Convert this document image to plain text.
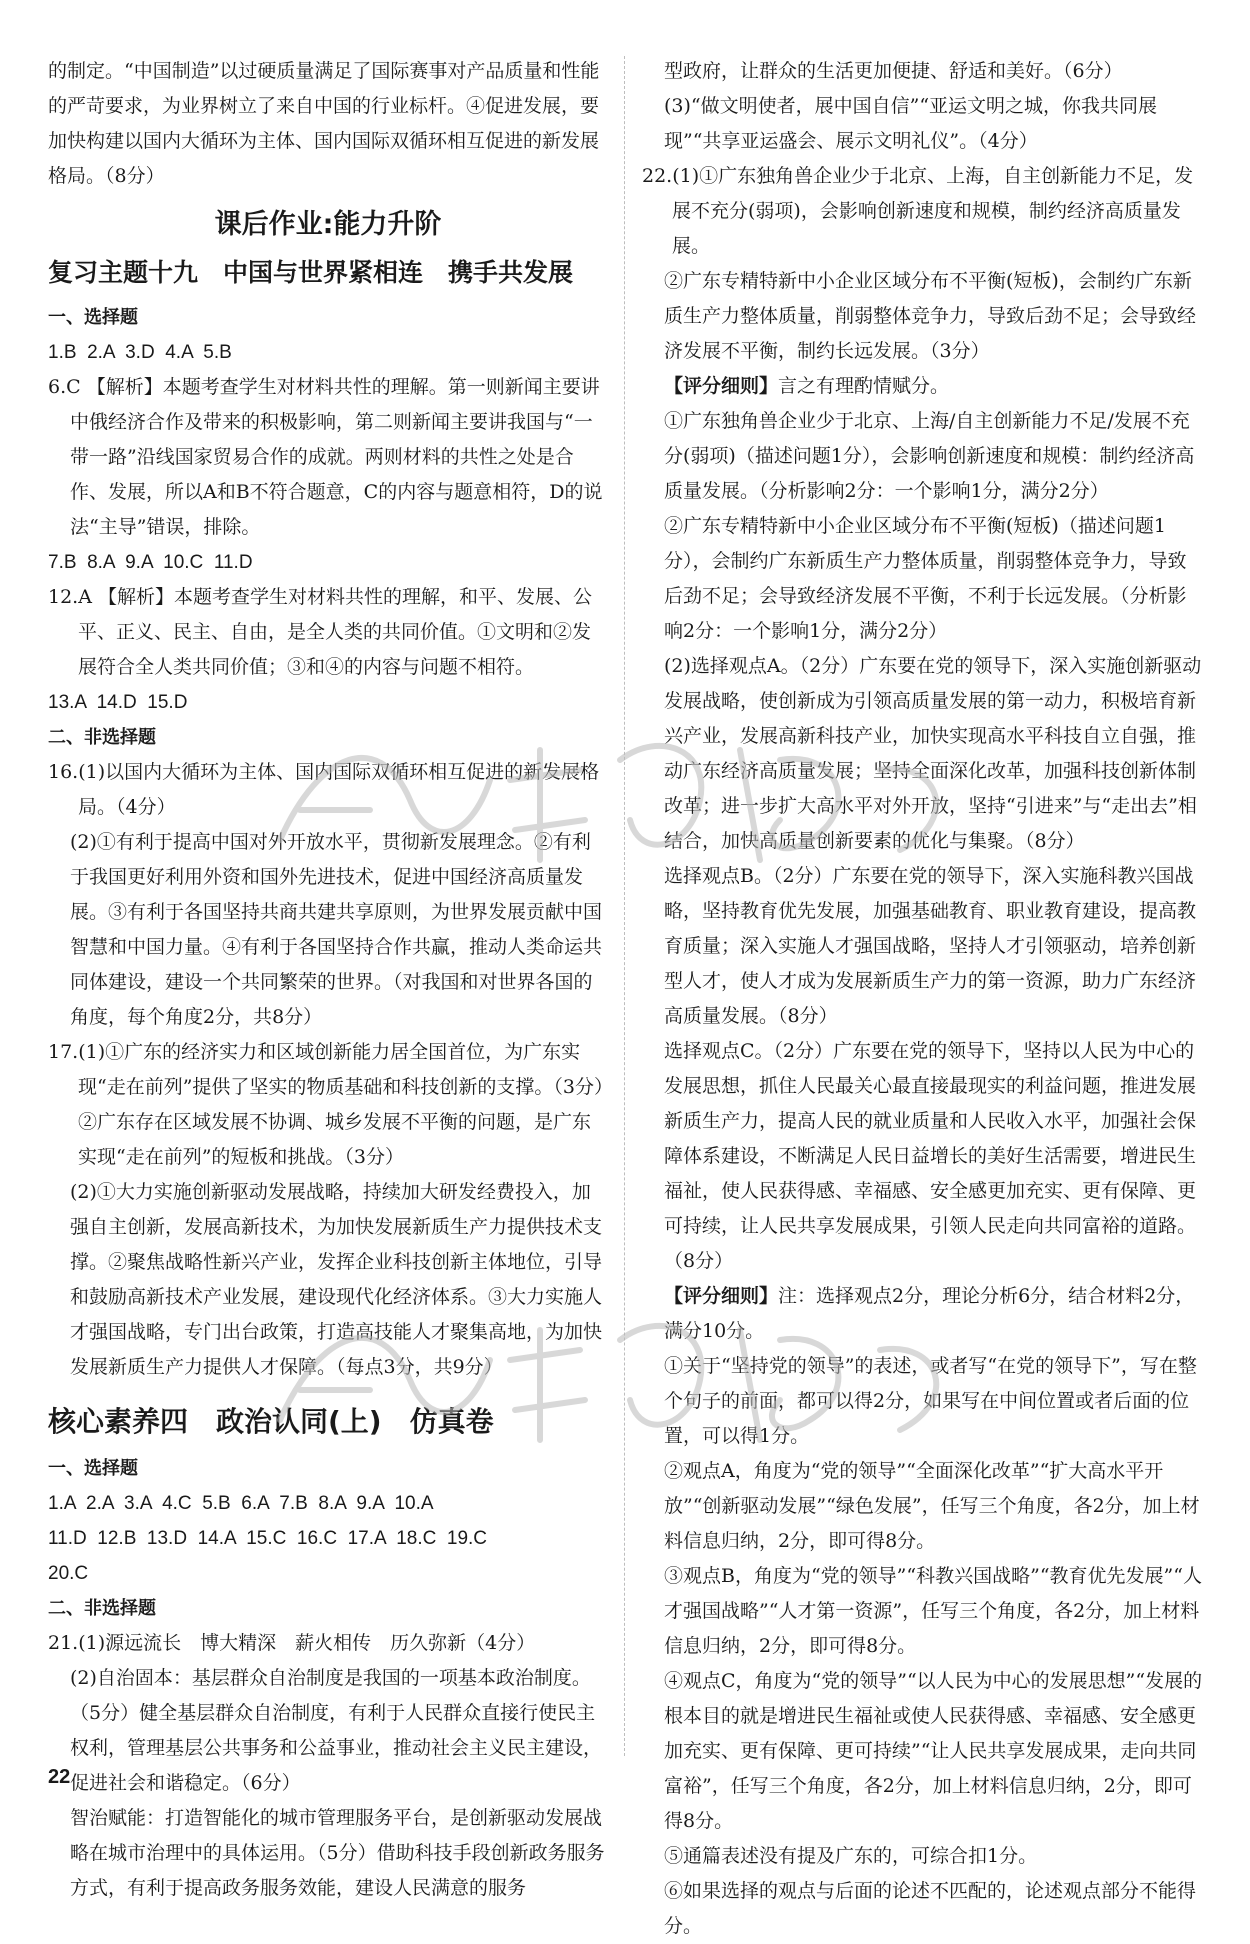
的制定。“中国制造”以过硬质量满足了国际赛事对产品质量和性能的严苛要求，为业界树立了来自中国的行业标杆。④促进发展，要加快构建以国内大循环为主体、国内国际双循环相互促进的新发展格局。（8分）

课后作业:能力升阶
复习主题十九　中国与世界紧相连　携手共发展
一、选择题
1.B  2.A  3.D  4.A  5.B

6.C 【解析】本题考查学生对材料共性的理解。第一则新闻主要讲中俄经济合作及带来的积极影响，第二则新闻主要讲我国与“一带一路”沿线国家贸易合作的成就。两则材料的共性之处是合作、发展，所以A和B不符合题意，C的内容与题意相符，D的说法“主导”错误，排除。

7.B  8.A  9.A  10.C  11.D

12.A 【解析】本题考查学生对材料共性的理解，和平、发展、公平、正义、民主、自由，是全人类的共同价值。①文明和②发展符合全人类共同价值；③和④的内容与问题不相符。

13.A  14.D  15.D
二、非选择题

16.(1)以国内大循环为主体、国内国际双循环相互促进的新发展格局。（4分）

(2)①有利于提高中国对外开放水平，贯彻新发展理念。②有利于我国更好利用外资和国外先进技术，促进中国经济高质量发展。③有利于各国坚持共商共建共享原则，为世界发展贡献中国智慧和中国力量。④有利于各国坚持合作共赢，推动人类命运共同体建设，建设一个共同繁荣的世界。（对我国和对世界各国的角度，每个角度2分，共8分）

17.(1)①广东的经济实力和区域创新能力居全国首位，为广东实现“走在前列”提供了坚实的物质基础和科技创新的支撑。（3分）②广东存在区域发展不协调、城乡发展不平衡的问题，是广东实现“走在前列”的短板和挑战。（3分）

(2)①大力实施创新驱动发展战略，持续加大研发经费投入，加强自主创新，发展高新技术，为加快发展新质生产力提供技术支撑。②聚焦战略性新兴产业，发挥企业科技创新主体地位，引导和鼓励高新技术产业发展，建设现代化经济体系。③大力实施人才强国战略，专门出台政策，打造高技能人才聚集高地，为加快发展新质生产力提供人才保障。（每点3分，共9分）

核心素养四　政治认同(上)　仿真卷
一、选择题
1.A  2.A  3.A  4.C  5.B  6.A  7.B  8.A  9.A  10.A
11.D  12.B  13.D  14.A  15.C  16.C  17.A  18.C  19.C
20.C
二、非选择题

21.(1)源远流长　博大精深　薪火相传　历久弥新（4分）

(2)自治固本：基层群众自治制度是我国的一项基本政治制度。（5分）健全基层群众自治制度，有利于人民群众直接行使民主权利，管理基层公共事务和公益事业，推动社会主义民主建设，促进社会和谐稳定。（6分）

智治赋能：打造智能化的城市管理服务平台，是创新驱动发展战略在城市治理中的具体运用。（5分）借助科技手段创新政务服务方式，有利于提高政务服务效能，建设人民满意的服务

型政府，让群众的生活更加便捷、舒适和美好。（6分）

(3)“做文明使者，展中国自信”“亚运文明之城，你我共同展现”“共享亚运盛会、展示文明礼仪”。（4分）

22.(1)①广东独角兽企业少于北京、上海，自主创新能力不足，发展不充分(弱项)，会影响创新速度和规模，制约经济高质量发展。

②广东专精特新中小企业区域分布不平衡(短板)，会制约广东新质生产力整体质量，削弱整体竞争力，导致后劲不足；会导致经济发展不平衡，制约长远发展。（3分）

【评分细则】言之有理酌情赋分。

①广东独角兽企业少于北京、上海/自主创新能力不足/发展不充分(弱项)（描述问题1分），会影响创新速度和规模：制约经济高质量发展。（分析影响2分：一个影响1分，满分2分）

②广东专精特新中小企业区域分布不平衡(短板)（描述问题1分），会制约广东新质生产力整体质量，削弱整体竞争力，导致后劲不足；会导致经济发展不平衡，不利于长远发展。（分析影响2分：一个影响1分，满分2分）

(2)选择观点A。（2分）广东要在党的领导下，深入实施创新驱动发展战略，使创新成为引领高质量发展的第一动力，积极培育新兴产业，发展高新科技产业，加快实现高水平科技自立自强，推动广东经济高质量发展；坚持全面深化改革，加强科技创新体制改革；进一步扩大高水平对外开放，坚持“引进来”与“走出去”相结合，加快高质量创新要素的优化与集聚。（8分）

选择观点B。（2分）广东要在党的领导下，深入实施科教兴国战略，坚持教育优先发展，加强基础教育、职业教育建设，提高教育质量；深入实施人才强国战略，坚持人才引领驱动，培养创新型人才，使人才成为发展新质生产力的第一资源，助力广东经济高质量发展。（8分）

选择观点C。（2分）广东要在党的领导下，坚持以人民为中心的发展思想，抓住人民最关心最直接最现实的利益问题，推进发展新质生产力，提高人民的就业质量和人民收入水平，加强社会保障体系建设，不断满足人民日益增长的美好生活需要，增进民生福祉，使人民获得感、幸福感、安全感更加充实、更有保障、更可持续，让人民共享发展成果，引领人民走向共同富裕的道路。（8分）

【评分细则】注：选择观点2分，理论分析6分，结合材料2分，满分10分。

①关于“坚持党的领导”的表述，或者写“在党的领导下”，写在整个句子的前面，都可以得2分，如果写在中间位置或者后面的位置，可以得1分。

②观点A，角度为“党的领导”“全面深化改革”“扩大高水平开放”“创新驱动发展”“绿色发展”，任写三个角度，各2分，加上材料信息归纳，2分，即可得8分。

③观点B，角度为“党的领导”“科教兴国战略”“教育优先发展”“人才强国战略”“人才第一资源”，任写三个角度，各2分，加上材料信息归纳，2分，即可得8分。

④观点C，角度为“党的领导”“以人民为中心的发展思想”“发展的根本目的就是增进民生福祉或使人民获得感、幸福感、安全感更加充实、更有保障、更可持续”“让人民共享发展成果，走向共同富裕”，任写三个角度，各2分，加上材料信息归纳，2分，即可得8分。

⑤通篇表述没有提及广东的，可综合扣1分。

⑥如果选择的观点与后面的论述不匹配的，论述观点部分不能得分。

22
